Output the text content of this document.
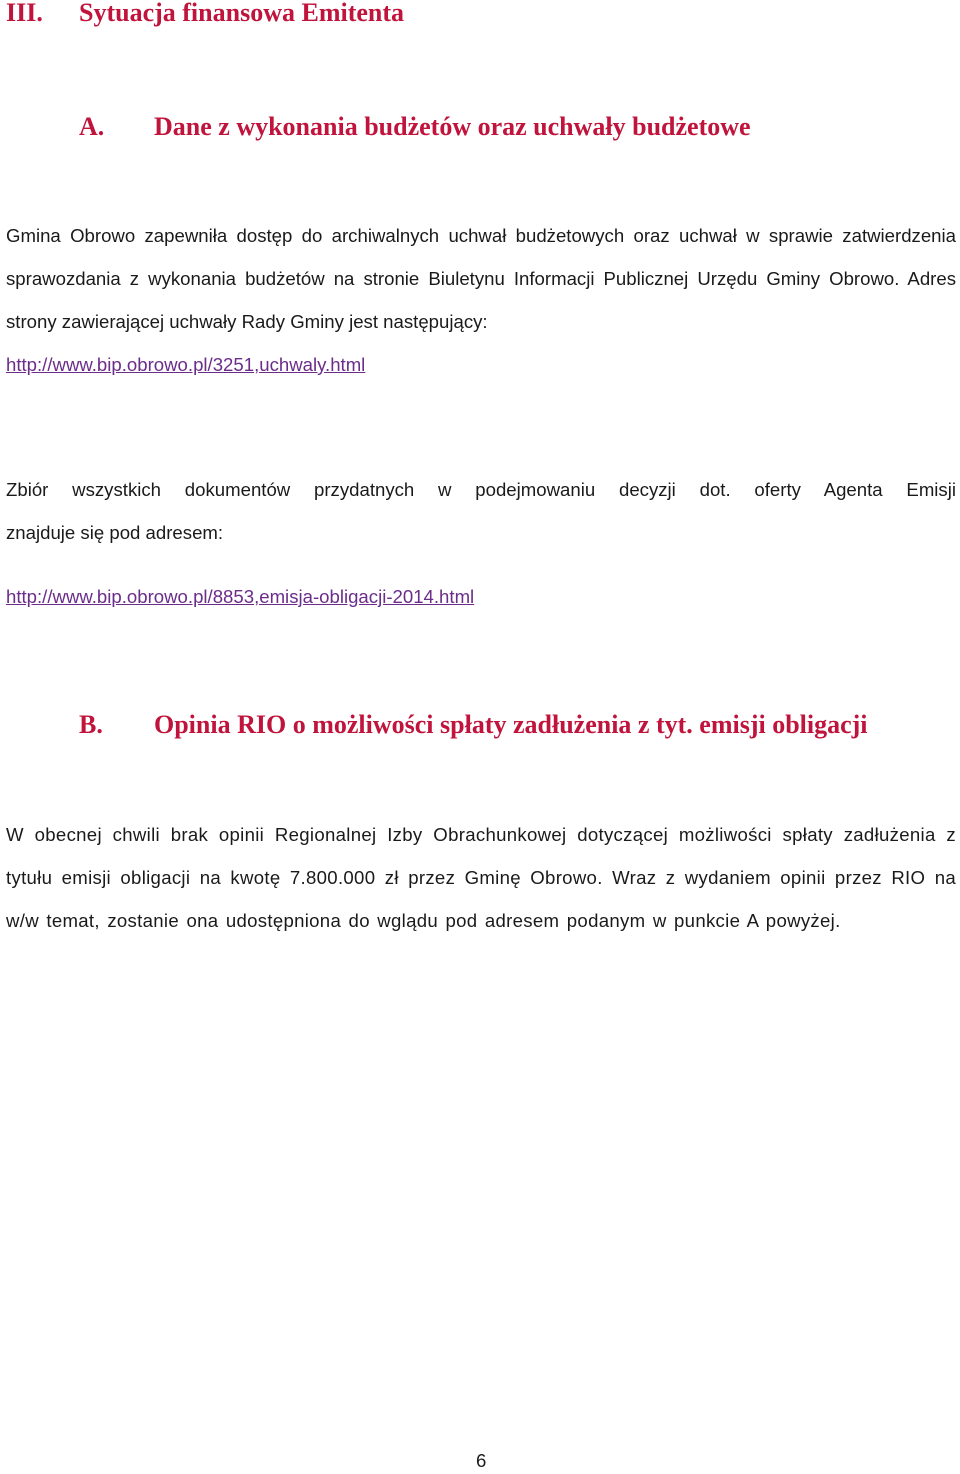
III. Sytuacja finansowa Emitenta
A. Dane z wykonania budżetów oraz uchwały budżetowe

Gmina Obrowo zapewniła dostęp do archiwalnych uchwał budżetowych oraz uchwał w sprawie zatwierdzenia sprawozdania z wykonania budżetów na stronie Biuletynu Informacji Publicznej Urzędu Gminy Obrowo. Adres strony zawierającej uchwały Rady Gminy jest następujący:

http://www.bip.obrowo.pl/3251,uchwaly.html

Zbiór wszystkich dokumentów przydatnych w podejmowaniu decyzji dot. oferty Agenta Emisji

znajduje się pod adresem:

http://www.bip.obrowo.pl/8853,emisja-obligacji-2014.html

B. Opinia RIO o możliwości spłaty zadłużenia z tyt. emisji obligacji

W obecnej chwili brak opinii Regionalnej Izby Obrachunkowej dotyczącej możliwości spłaty zadłużenia z tytułu emisji obligacji na kwotę 7.800.000 zł przez Gminę Obrowo. Wraz z wydaniem opinii przez RIO na w/w temat, zostanie ona udostępniona do wglądu pod adresem podanym w punkcie A powyżej.

6
